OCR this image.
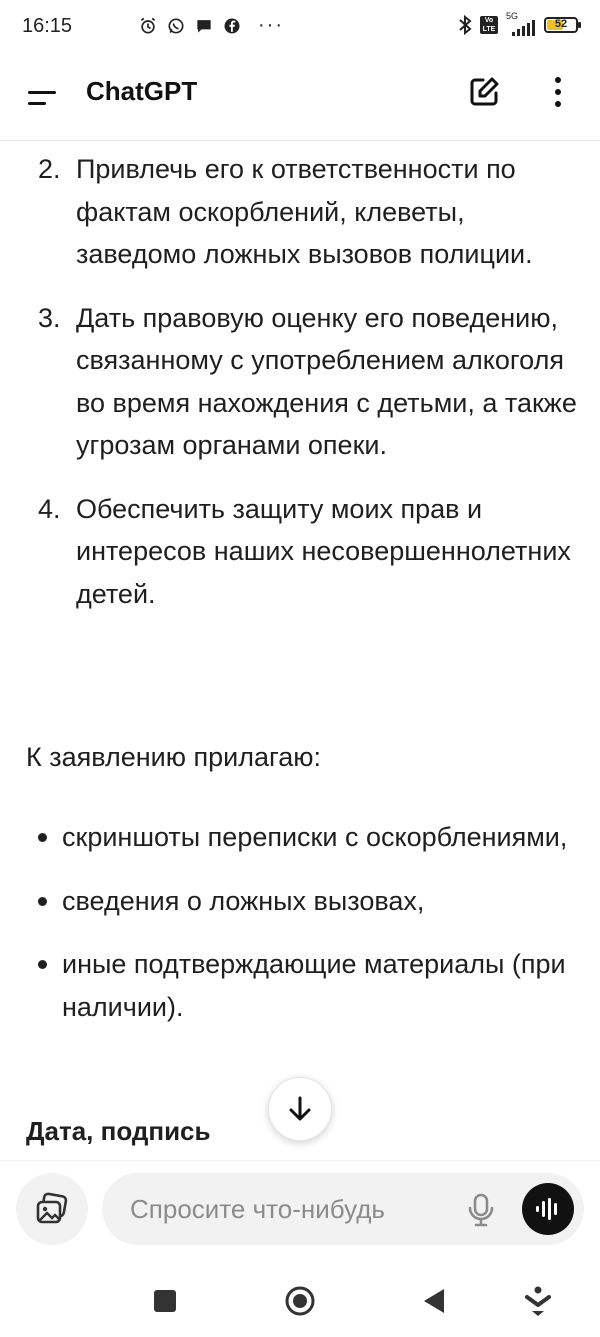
16:15	···	Vo LTE
5G
52
ChatGPT
2. Привлечь его к ответственности по фактам оскорблений, клеветы, заведомо ложных вызовов полиции.
3. Дать правовую оценку его поведению, связанному с употреблением алкоголя во время нахождения с детьми, а также угрозам органами опеки.
4. Обеспечить защиту моих прав и интересов наших несовершеннолетних детей.
К заявлению прилагаю:
скриншоты переписки с оскорблениями,
сведения о ложных вызовах,
иные подтверждающие материалы (при наличии).
Дата, подпись
Спросите что-нибудь
